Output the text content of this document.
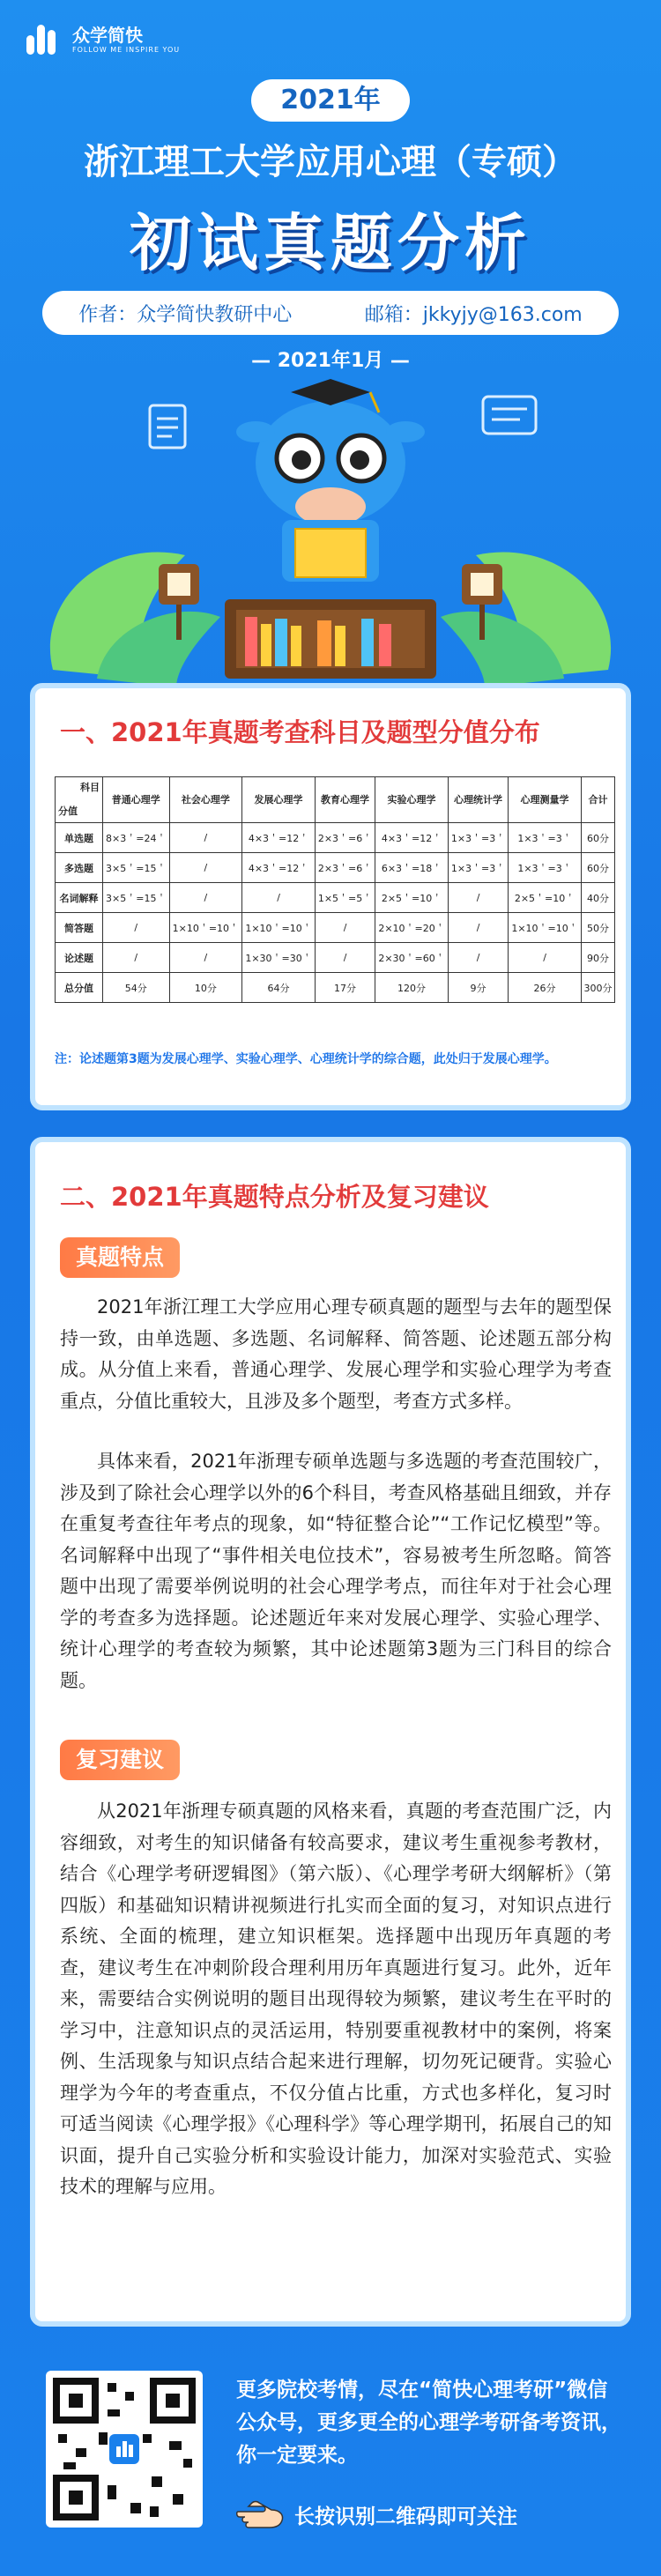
众学简快
FOLLOW ME INSPIRE YOU
2021年
浙江理工大学应用心理（专硕）
初试真题分析
作者：众学简快教研中心	邮箱：jkkyjy@163.com
— 2021年1月 —
一、2021年真题考查科目及题型分值分布
科目
分值	普通心理学	社会心理学	发展心理学	教育心理学	实验心理学	心理统计学	心理测量学	合计
单选题	8×3＇=24＇	/	4×3＇=12＇	2×3＇=6＇	4×3＇=12＇	1×3＇=3＇	1×3＇=3＇	60分
多选题	3×5＇=15＇	/	4×3＇=12＇	2×3＇=6＇	6×3＇=18＇	1×3＇=3＇	1×3＇=3＇	60分
名词解释	3×5＇=15＇	/	/	1×5＇=5＇	2×5＇=10＇	/	2×5＇=10＇	40分
简答题	/	1×10＇=10＇	1×10＇=10＇	/	2×10＇=20＇	/	1×10＇=10＇	50分
论述题	/	/	1×30＇=30＇	/	2×30＇=60＇	/	/	90分
总分值	54分	10分	64分	17分	120分	9分	26分	300分
注：论述题第3题为发展心理学、实验心理学、心理统计学的综合题，此处归于发展心理学。
二、2021年真题特点分析及复习建议
真题特点
2021年浙江理工大学应用心理专硕真题的题型与去年的题型保持一致，由单选题、多选题、名词解释、简答题、论述题五部分构成。从分值上来看，普通心理学、发展心理学和实验心理学为考查重点，分值比重较大，且涉及多个题型，考查方式多样。
具体来看，2021年浙理专硕单选题与多选题的考查范围较广，涉及到了除社会心理学以外的6个科目，考查风格基础且细致，并存在重复考查往年考点的现象，如“特征整合论”“工作记忆模型”等。名词解释中出现了“事件相关电位技术”，容易被考生所忽略。简答题中出现了需要举例说明的社会心理学考点，而往年对于社会心理学的考查多为选择题。论述题近年来对发展心理学、实验心理学、统计心理学的考查较为频繁，其中论述题第3题为三门科目的综合题。
复习建议
从2021年浙理专硕真题的风格来看，真题的考查范围广泛，内容细致，对考生的知识储备有较高要求，建议考生重视参考教材，结合《心理学考研逻辑图》（第六版）、《心理学考研大纲解析》（第四版）和基础知识精讲视频进行扎实而全面的复习，对知识点进行系统、全面的梳理，建立知识框架。选择题中出现历年真题的考查，建议考生在冲刺阶段合理利用历年真题进行复习。此外，近年来，需要结合实例说明的题目出现得较为频繁，建议考生在平时的学习中，注意知识点的灵活运用，特别要重视教材中的案例，将案例、生活现象与知识点结合起来进行理解，切勿死记硬背。实验心理学为今年的考查重点，不仅分值占比重，方式也多样化，复习时可适当阅读《心理学报》《心理科学》等心理学期刊，拓展自己的知识面，提升自己实验分析和实验设计能力，加深对实验范式、实验技术的理解与应用。
更多院校考情，尽在“简快心理考研”微信公众号，更多更全的心理学考研备考资讯，你一定要来。
长按识别二维码即可关注
